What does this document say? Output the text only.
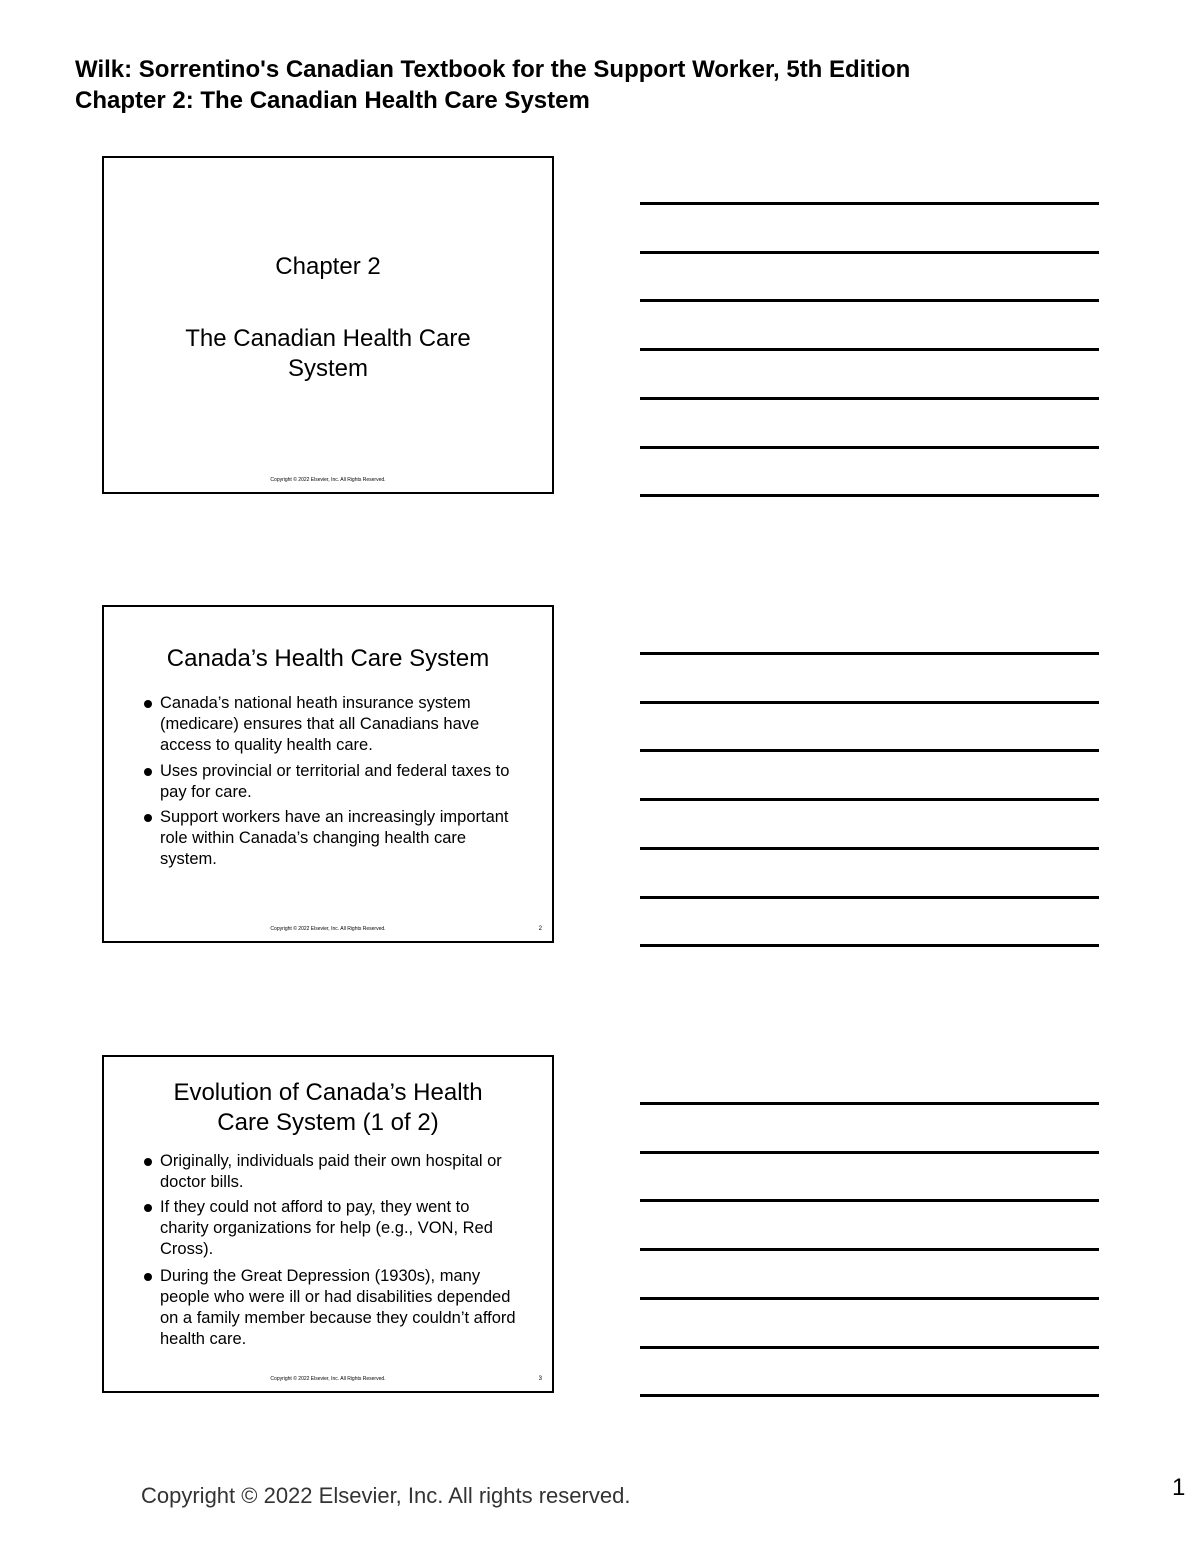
Wilk: Sorrentino's Canadian Textbook for the Support Worker, 5th Edition
Chapter 2: The Canadian Health Care System
Chapter 2
The Canadian Health Care
System
Copyright © 2022 Elsevier, Inc. All Rights Reserved.
Canada’s Health Care System
Canada’s national heath insurance system (medicare) ensures that all Canadians have access to quality health care.
Uses provincial or territorial and federal taxes to pay for care.
Support workers have an increasingly important role within Canada’s changing health care system.
Copyright © 2022 Elsevier, Inc. All Rights Reserved.	2
Evolution of Canada’s Health
Care System (1 of 2)
Originally, individuals paid their own hospital or doctor bills.
If they could not afford to pay, they went to charity organizations for help (e.g., VON, Red Cross).
During the Great Depression (1930s), many people who were ill or had disabilities depended on a family member because they couldn’t afford health care.
Copyright © 2022 Elsevier, Inc. All Rights Reserved.	3
Copyright © 2022 Elsevier, Inc. All rights reserved.	1
